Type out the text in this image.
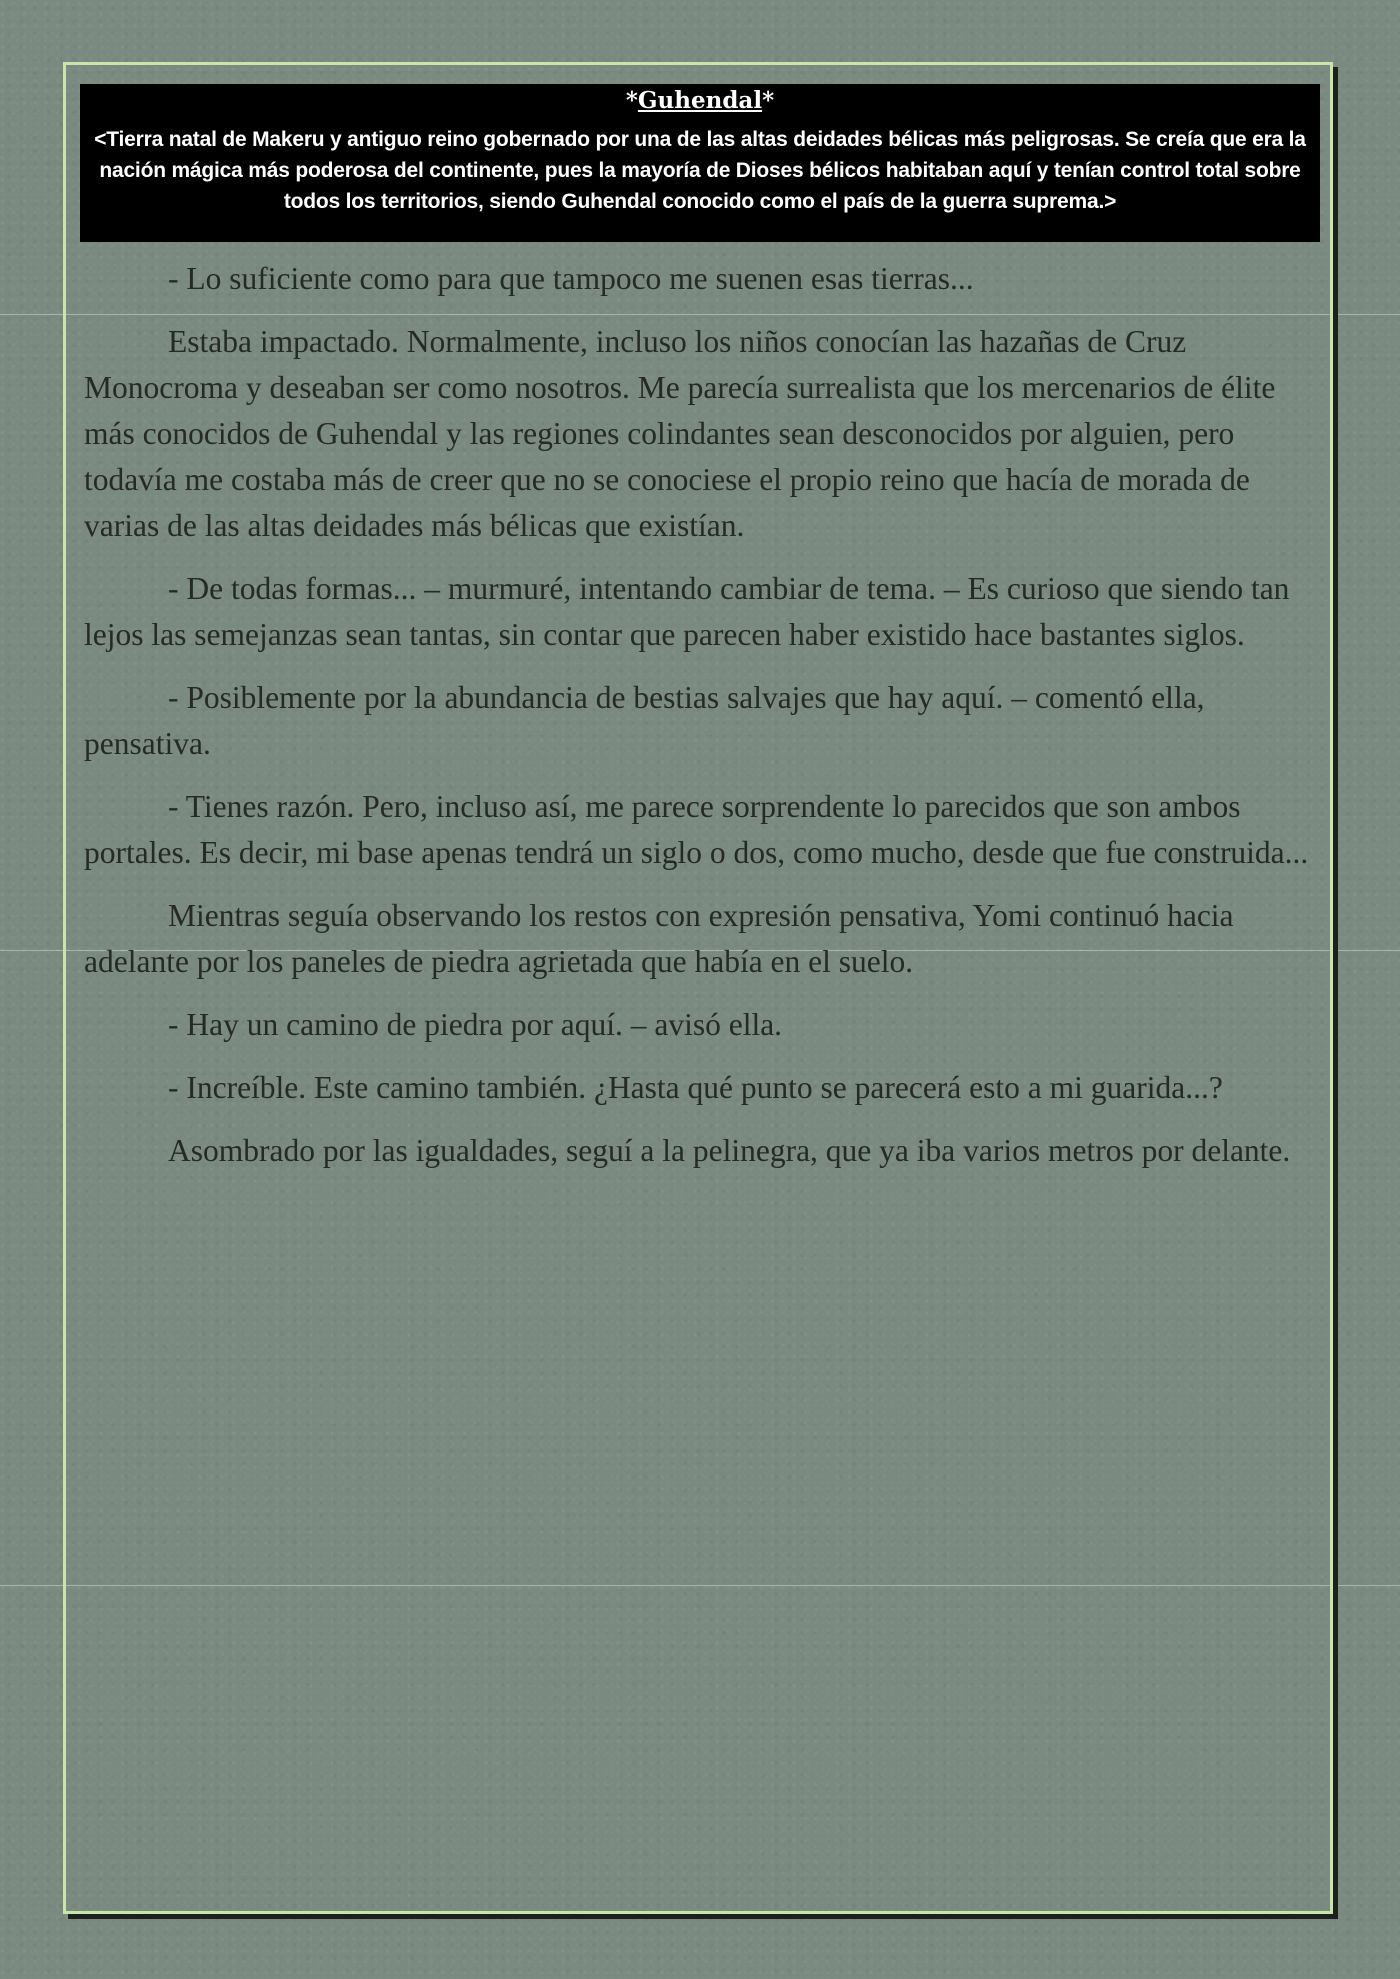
*Guhendal*
<Tierra natal de Makeru y antiguo reino gobernado por una de las altas deidades bélicas más peligrosas. Se creía que era la nación mágica más poderosa del continente, pues la mayoría de Dioses bélicos habitaban aquí y tenían control total sobre todos los territorios, siendo Guhendal conocido como el país de la guerra suprema.>

- Lo suficiente como para que tampoco me suenen esas tierras...

Estaba impactado. Normalmente, incluso los niños conocían las hazañas de Cruz Monocroma y deseaban ser como nosotros. Me parecía surrealista que los mercenarios de élite más conocidos de Guhendal y las regiones colindantes sean desconocidos por alguien, pero todavía me costaba más de creer que no se conociese el propio reino que hacía de morada de varias de las altas deidades más bélicas que existían.

- De todas formas... – murmuré, intentando cambiar de tema. – Es curioso que siendo tan lejos las semejanzas sean tantas, sin contar que parecen haber existido hace bastantes siglos.

- Posiblemente por la abundancia de bestias salvajes que hay aquí. – comentó ella, pensativa.

- Tienes razón. Pero, incluso así, me parece sorprendente lo parecidos que son ambos portales. Es decir, mi base apenas tendrá un siglo o dos, como mucho, desde que fue construida...

Mientras seguía observando los restos con expresión pensativa, Yomi continuó hacia adelante por los paneles de piedra agrietada que había en el suelo.

- Hay un camino de piedra por aquí. – avisó ella.

- Increíble. Este camino también. ¿Hasta qué punto se parecerá esto a mi guarida...?

Asombrado por las igualdades, seguí a la pelinegra, que ya iba varios metros por delante.
